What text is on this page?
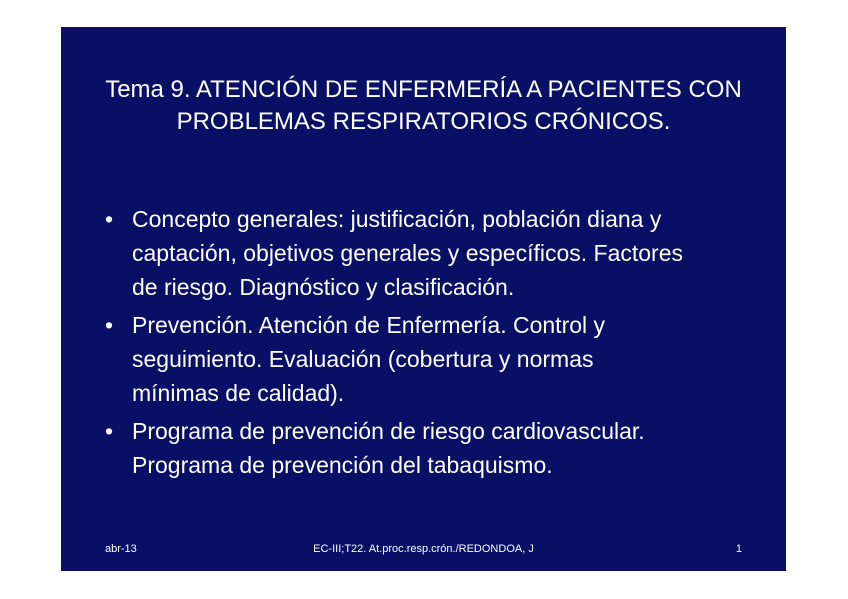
Tema 9. ATENCIÓN DE ENFERMERÍA A PACIENTES CON
PROBLEMAS RESPIRATORIOS CRÓNICOS.
• Concepto generales: justificación, población diana y
captación, objetivos generales y específicos. Factores
de riesgo. Diagnóstico y clasificación.
• Prevención. Atención de Enfermería. Control y
seguimiento. Evaluación (cobertura y normas
mínimas de calidad).
• Programa de prevención de riesgo cardiovascular.
Programa de prevención del tabaquismo.
abr-13	EC-III;T22. At.proc.resp.crón./REDONDOA, J	1
